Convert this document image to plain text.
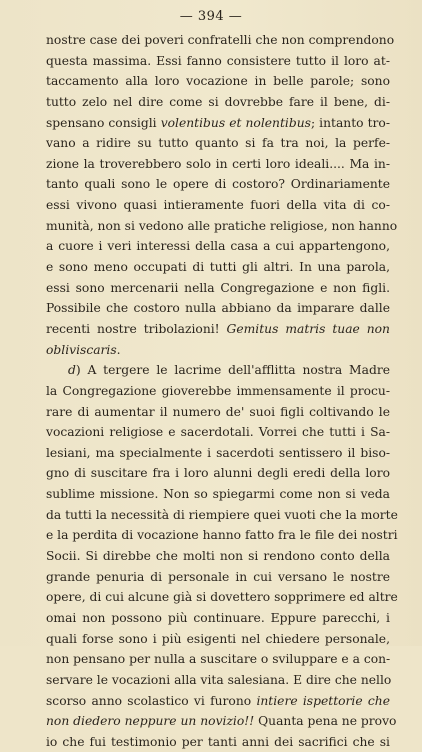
— 394 —
nostre case dei poveri confratelli che non comprendono
questa massima. Essi fanno consistere tutto il loro at-
taccamento alla loro vocazione in belle parole; sono
tutto zelo nel dire come si dovrebbe fare il bene, di-
spensano consigli volentibus et nolentibus; intanto tro-
vano a ridire su tutto quanto si fa tra noi, la perfe-
zione la troverebbero solo in certi loro ideali.... Ma in-
tanto quali sono le opere di costoro? Ordinariamente
essi vivono quasi intieramente fuori della vita di co-
munità, non si vedono alle pratiche religiose, non hanno
a cuore i veri interessi della casa a cui appartengono,
e sono meno occupati di tutti gli altri. In una parola,
essi sono mercenarii nella Congregazione e non figli.
Possibile che costoro nulla abbiano da imparare dalle
recenti nostre tribolazioni! Gemitus matris tuae non
obliviscaris.
d) A tergere le lacrime dell'afflitta nostra Madre
la Congregazione gioverebbe immensamente il procu-
rare di aumentar il numero de' suoi figli coltivando le
vocazioni religiose e sacerdotali. Vorrei che tutti i Sa-
lesiani, ma specialmente i sacerdoti sentissero il biso-
gno di suscitare fra i loro alunni degli eredi della loro
sublime missione. Non so spiegarmi come non si veda
da tutti la necessità di riempiere quei vuoti che la morte
e la perdita di vocazione hanno fatto fra le file dei nostri
Socii. Si direbbe che molti non si rendono conto della
grande penuria di personale in cui versano le nostre
opere, di cui alcune già si dovettero sopprimere ed altre
omai non possono più continuare. Eppure parecchi, i
quali forse sono i più esigenti nel chiedere personale,
non pensano per nulla a suscitare o sviluppare e a con-
servare le vocazioni alla vita salesiana. E dire che nello
scorso anno scolastico vi furono intiere ispettorie che
non diedero neppure un novizio!! Quanta pena ne provo
io che fui testimonio per tanti anni dei sacrifici che si
